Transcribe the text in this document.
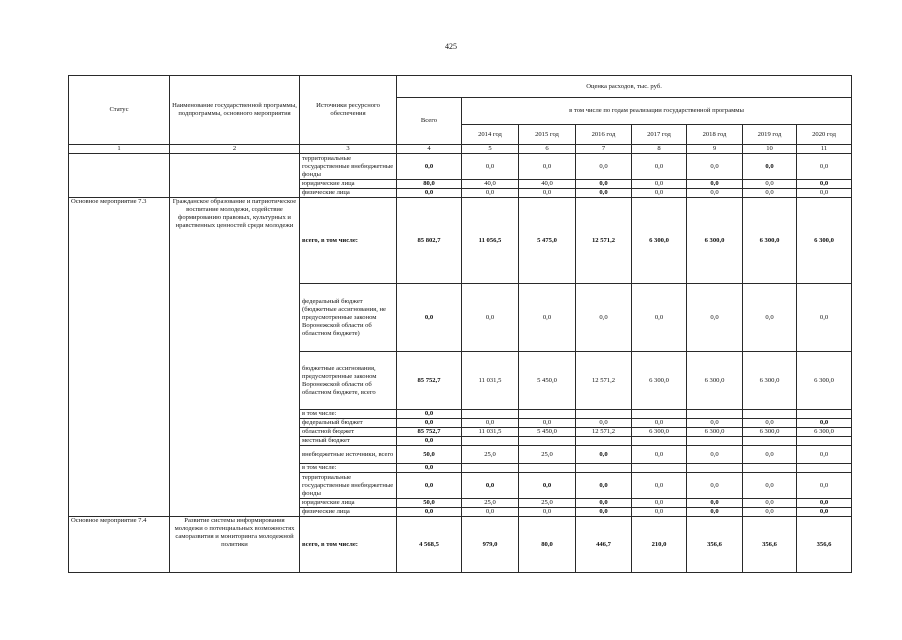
425
Статус	Наименование государственной программы, подпрограммы, основного мероприятия	Источники ресурсного обеспечения	Оценка расходов, тыс. руб.							
			Всего	в том числе по годам реализации государственной программы						
				2014 год	2015 год	2016 год	2017 год	2018 год	2019 год	2020 год
1	2	3	4	5	6	7	8	9	10	11
		территориальные государственные внебюджетные фонды	0,0	0,0	0,0	0,0	0,0	0,0	0,0	0,0
		юридические лица	80,0	40,0	40,0	0,0	0,0	0,0	0,0	0,0
		физические лица	0,0	0,0	0,0	0,0	0,0	0,0	0,0	0,0
Основное мероприятие 7.3	Гражданское образование и патриотическое воспитание молодежи, содействие формированию правовых, культурных и нравственных ценностей среди молодежи	всего, в том числе:	85 802,7	11 056,5	5 475,0	12 571,2	6 300,0	6 300,0	6 300,0	6 300,0
		федеральный бюджет (бюджетные ассигнования, не предусмотренные законом Воронежской области об областном бюджете)	0,0	0,0	0,0	0,0	0,0	0,0	0,0	0,0
		бюджетные ассигнования, предусмотренные законом Воронежской области об областном бюджете, всего	85 752,7	11 031,5	5 450,0	12 571,2	6 300,0	6 300,0	6 300,0	6 300,0
		в том числе:	0,0							
		федеральный бюджет	0,0	0,0	0,0	0,0	0,0	0,0	0,0	0,0
		областной бюджет	85 752,7	11 031,5	5 450,0	12 571,2	6 300,0	6 300,0	6 300,0	6 300,0
		местный бюджет	0,0							
		внебюджетные источники, всего	50,0	25,0	25,0	0,0	0,0	0,0	0,0	0,0
		в том числе:	0,0							
		территориальные государственные внебюджетные фонды	0,0	0,0	0,0	0,0	0,0	0,0	0,0	0,0
		юридические лица	50,0	25,0	25,0	0,0	0,0	0,0	0,0	0,0
		физические лица	0,0	0,0	0,0	0,0	0,0	0,0	0,0	0,0
Основное мероприятие 7.4	Развитие системы информирования молодежи о потенциальных возможностях саморазвития и мониторинга молодежной политики	всего, в том числе:	4 568,5	979,0	80,0	446,7	210,0	356,6	356,6	356,6
